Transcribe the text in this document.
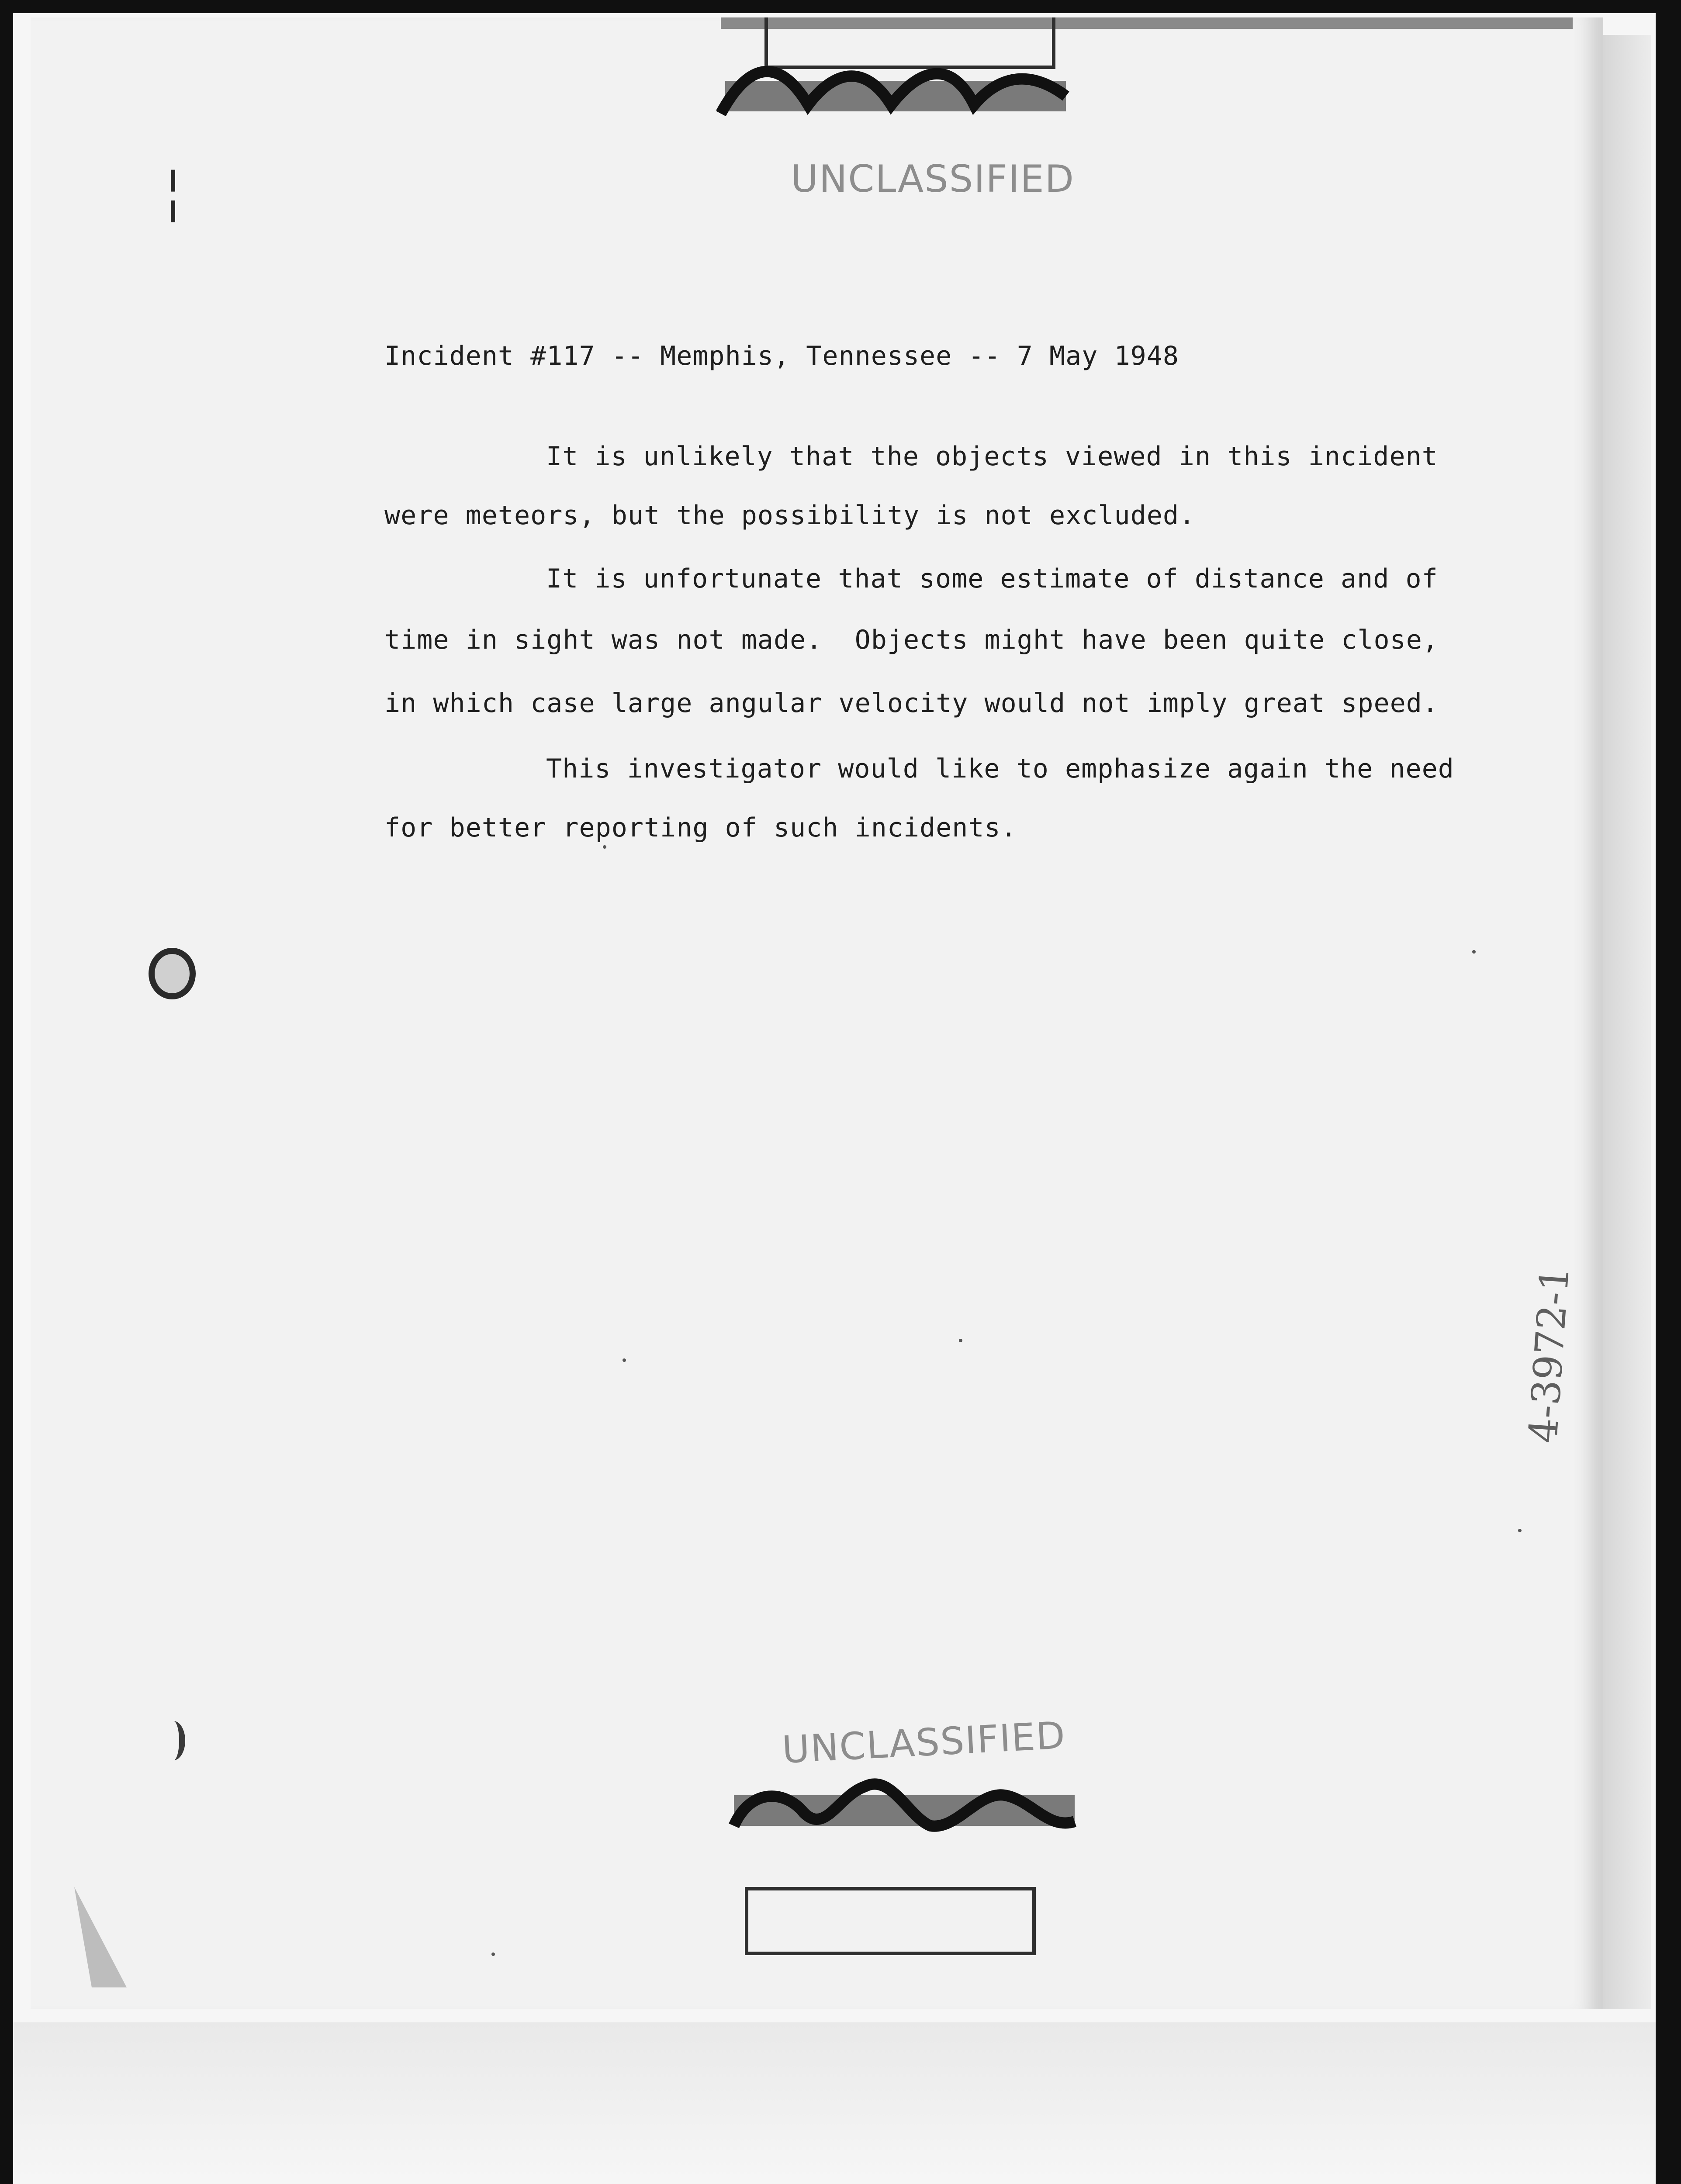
╎	UNCLASSIFIED
Incident #117 -- Memphis, Tennessee -- 7 May 1948
It is unlikely that the objects viewed in this incident
were meteors, but the possibility is not excluded.
It is unfortunate that some estimate of distance and of
time in sight was not made.  Objects might have been quite close,
in which case large angular velocity would not imply great speed.
This investigator would like to emphasize again the need
for better reporting of such incidents.
UNCLASSIFIED
4-3972-1
